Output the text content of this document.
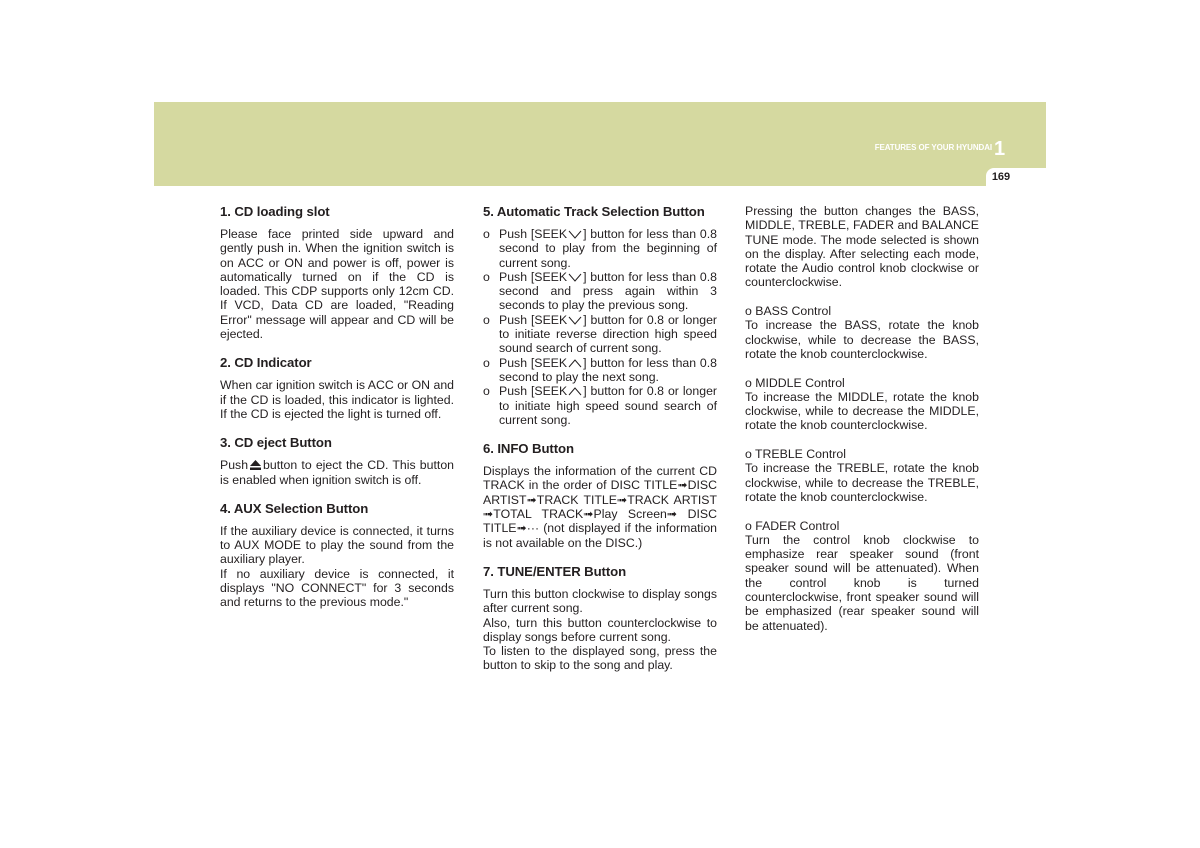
FEATURES OF YOUR HYUNDAI 1
169
1. CD loading slot

Please face printed side upward and gently push in. When the ignition switch is on ACC or ON and power is off, power is automatically turned on if the CD is loaded. This CDP supports only 12cm CD. If VCD, Data CD are loaded, "Reading Error" message will appear and CD will be ejected.

2. CD Indicator

When car ignition switch is ACC or ON and if the CD is loaded, this indicator is lighted. If the CD is ejected the light is turned off.

3. CD eject Button

Push button to eject the CD. This button is enabled when ignition switch is off.

4. AUX Selection Button

If the auxiliary device is connected, it turns to AUX MODE to play the sound from the auxiliary player.

If no auxiliary device is connected, it displays "NO CONNECT" for 3 seconds and returns to the previous mode."

5. Automatic Track Selection Button
o Push [SEEK ] button for less than 0.8 second to play from the beginning of current song.
o Push [SEEK ] button for less than 0.8 second and press again within 3 seconds to play the previous song.
o Push [SEEK ] button for 0.8 or longer to initiate reverse direction high speed sound search of current song.
o Push [SEEK ] button for less than 0.8 second to play the next song.
o Push [SEEK ] button for 0.8 or longer to initiate high speed sound search of current song.
6. INFO Button

Displays the information of the current CD TRACK in the order of DISC TITLE➟DISC ARTIST➟TRACK TITLE➟TRACK ARTIST ➟TOTAL TRACK➟Play Screen➟ DISC TITLE➟··· (not displayed if the information is not available on the DISC.)

7. TUNE/ENTER Button

Turn this button clockwise to display songs after current song.

Also, turn this button counterclockwise to display songs before current song.

To listen to the displayed song, press the button to skip to the song and play.

Pressing the button changes the BASS, MIDDLE, TREBLE, FADER and BALANCE TUNE mode. The mode selected is shown on the display. After selecting each mode, rotate the Audio control knob clockwise or counterclockwise.

o BASS Control

To increase the BASS, rotate the knob clockwise, while to decrease the BASS, rotate the knob counterclockwise.

o MIDDLE Control

To increase the MIDDLE, rotate the knob clockwise, while to decrease the MIDDLE, rotate the knob counterclockwise.

o TREBLE Control

To increase the TREBLE, rotate the knob clockwise, while to decrease the TREBLE, rotate the knob counterclockwise.

o FADER Control

Turn the control knob clockwise to emphasize rear speaker sound (front speaker sound will be attenuated). When the control knob is turned counterclockwise, front speaker sound will be emphasized (rear speaker sound will be attenuated).
